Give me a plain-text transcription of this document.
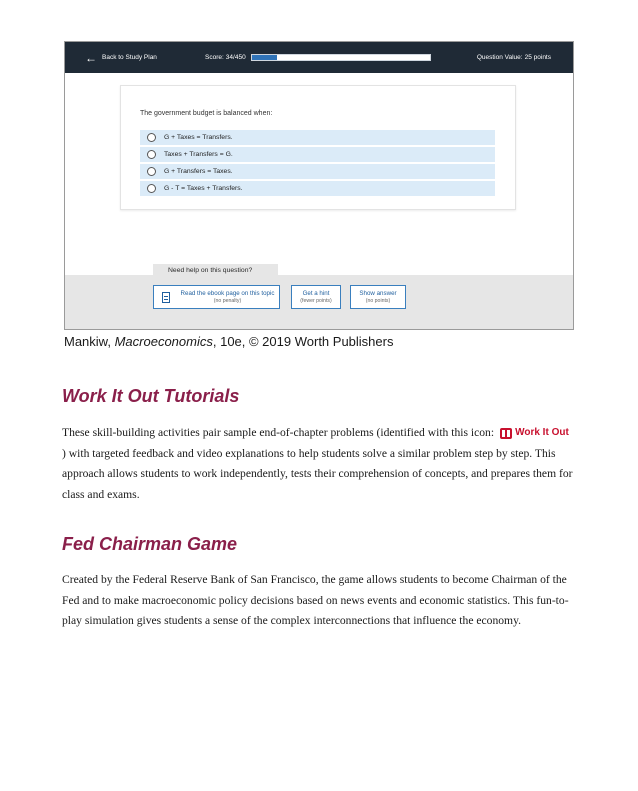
← Back to Study Plan	Score: 34/450	Question Value: 25 points
The government budget is balanced when:
G + Taxes = Transfers.
Taxes + Transfers = G.
G + Transfers = Taxes.
G - T = Taxes + Transfers.
Need help on this question?
Read the ebook page on this topic
(no penalty)
Get a hint
(fewer points)
Show answer
(no points)
Mankiw, Macroeconomics, 10e, © 2019 Worth Publishers
Work It Out Tutorials

These skill-building activities pair sample end-of-chapter problems (identified with this icon: Work It Out

) with targeted feedback and video explanations to help students solve a similar problem step by step. This approach allows students to work independently, tests their comprehension of concepts, and prepares them for class and exams.

Fed Chairman Game

Created by the Federal Reserve Bank of San Francisco, the game allows students to become Chairman of the Fed and to make macroeconomic policy decisions based on news events and economic statistics. This fun-to-play simulation gives students a sense of the complex interconnections that influence the economy.
